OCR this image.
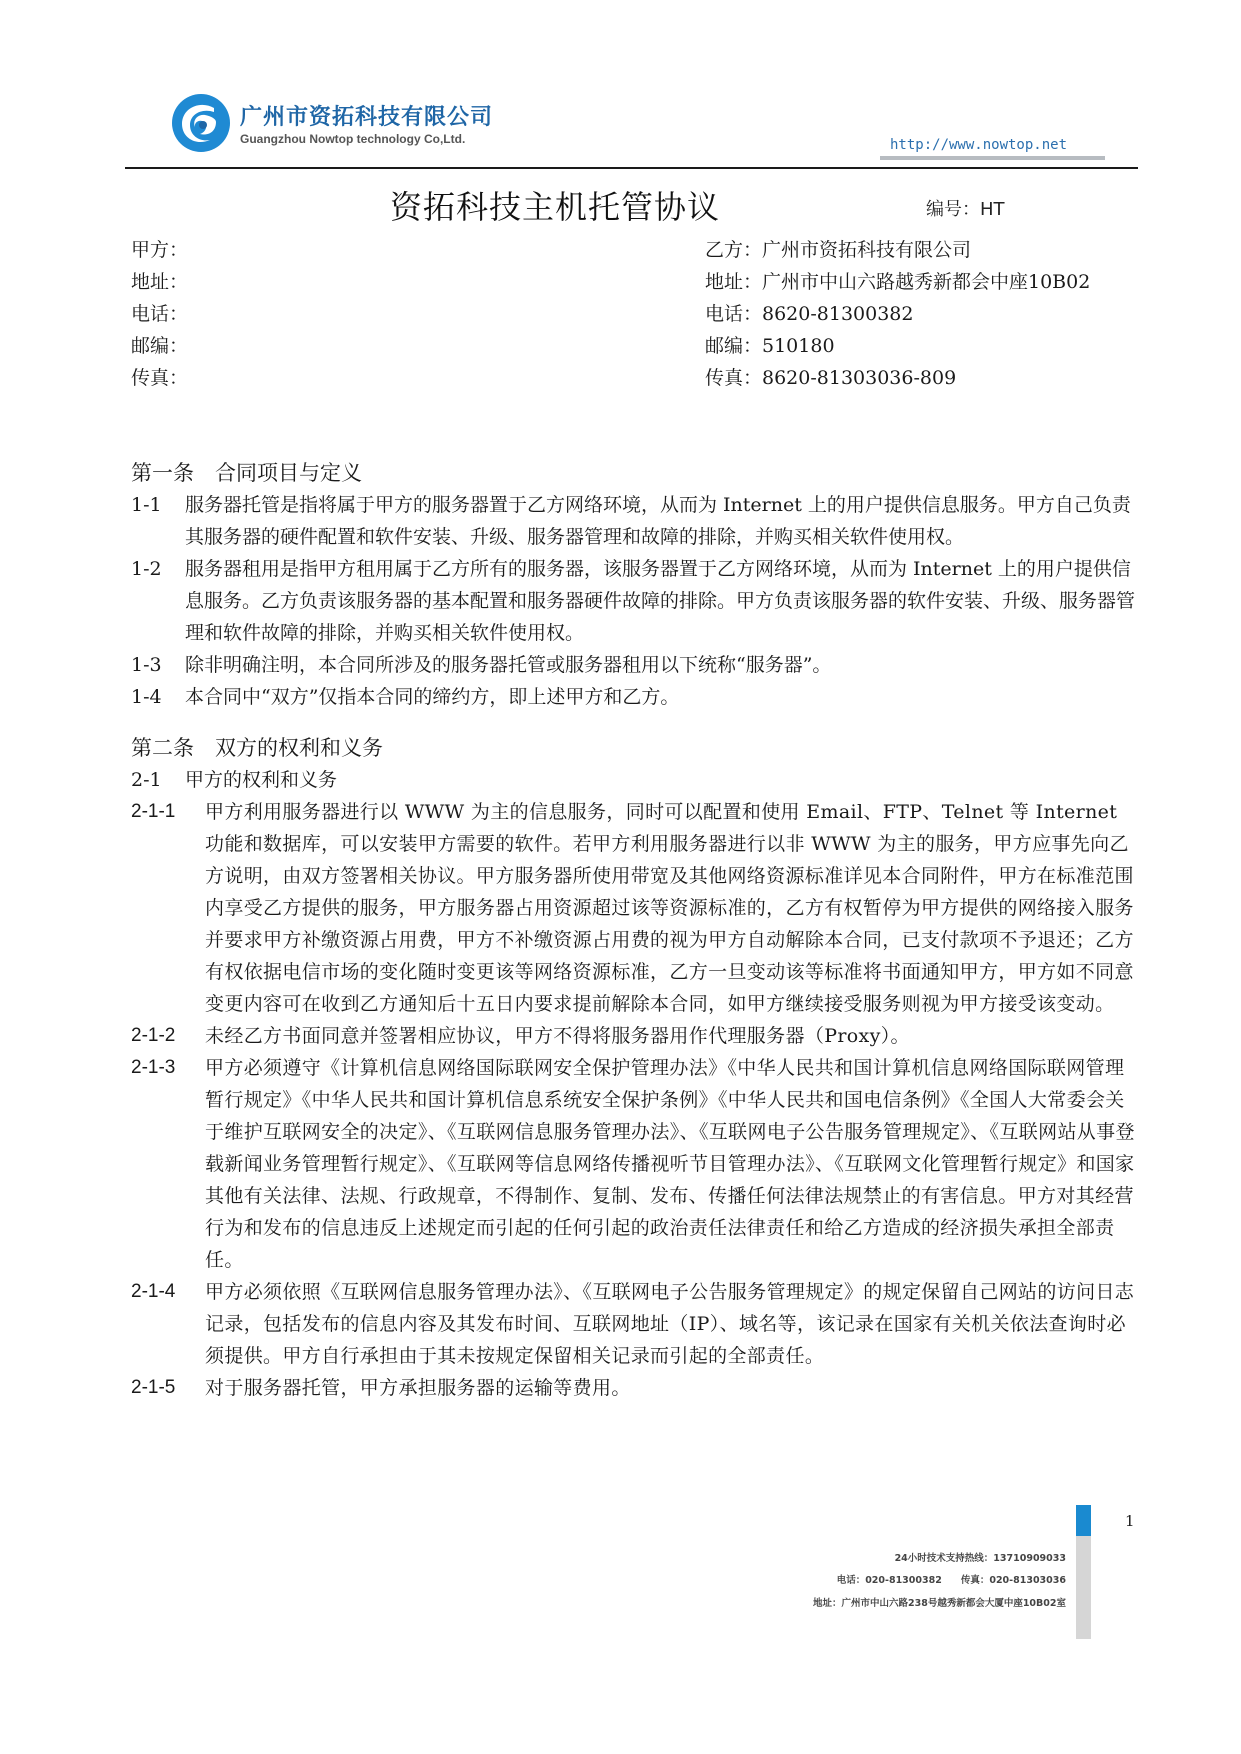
广州市资拓科技有限公司
Guangzhou Nowtop technology Co,Ltd.	http://www.nowtop.net
资拓科技主机托管协议	编号：HT
甲方：
地址：
电话：
邮编：
传真：
乙方：广州市资拓科技有限公司
地址：广州市中山六路越秀新都会中座10B02
电话：8620-81300382
邮编：510180
传真：8620-81303036-809
第一条　合同项目与定义
1-1 服务器托管是指将属于甲方的服务器置于乙方网络环境，从而为 Internet 上的用户提供信息服务。甲方自己负责其服务器的硬件配置和软件安装、升级、服务器管理和故障的排除，并购买相关软件使用权。
1-2 服务器租用是指甲方租用属于乙方所有的服务器，该服务器置于乙方网络环境，从而为 Internet 上的用户提供信息服务。乙方负责该服务器的基本配置和服务器硬件故障的排除。甲方负责该服务器的软件安装、升级、服务器管理和软件故障的排除，并购买相关软件使用权。
1-3 除非明确注明，本合同所涉及的服务器托管或服务器租用以下统称“服务器”。
1-4 本合同中“双方”仅指本合同的缔约方，即上述甲方和乙方。
第二条　双方的权利和义务
2-1 甲方的权利和义务
2-1-1 甲方利用服务器进行以 WWW 为主的信息服务，同时可以配置和使用 Email、FTP、Telnet 等 Internet 功能和数据库，可以安装甲方需要的软件。若甲方利用服务器进行以非 WWW 为主的服务，甲方应事先向乙方说明，由双方签署相关协议。甲方服务器所使用带宽及其他网络资源标准详见本合同附件，甲方在标准范围内享受乙方提供的服务，甲方服务器占用资源超过该等资源标准的，乙方有权暂停为甲方提供的网络接入服务并要求甲方补缴资源占用费，甲方不补缴资源占用费的视为甲方自动解除本合同，已支付款项不予退还；乙方有权依据电信市场的变化随时变更该等网络资源标准，乙方一旦变动该等标准将书面通知甲方，甲方如不同意变更内容可在收到乙方通知后十五日内要求提前解除本合同，如甲方继续接受服务则视为甲方接受该变动。
2-1-2 未经乙方书面同意并签署相应协议，甲方不得将服务器用作代理服务器（Proxy）。
2-1-3 甲方必须遵守《计算机信息网络国际联网安全保护管理办法》《中华人民共和国计算机信息网络国际联网管理暂行规定》《中华人民共和国计算机信息系统安全保护条例》《中华人民共和国电信条例》《全国人大常委会关于维护互联网安全的决定》、《互联网信息服务管理办法》、《互联网电子公告服务管理规定》、《互联网站从事登载新闻业务管理暂行规定》、《互联网等信息网络传播视听节目管理办法》、《互联网文化管理暂行规定》和国家其他有关法律、法规、行政规章，不得制作、复制、发布、传播任何法律法规禁止的有害信息。甲方对其经营行为和发布的信息违反上述规定而引起的任何引起的政治责任法律责任和给乙方造成的经济损失承担全部责任。
2-1-4 甲方必须依照《互联网信息服务管理办法》、《互联网电子公告服务管理规定》的规定保留自己网站的访问日志记录，包括发布的信息内容及其发布时间、互联网地址（IP）、域名等，该记录在国家有关机关依法查询时必须提供。甲方自行承担由于其未按规定保留相关记录而引起的全部责任。
2-1-5 对于服务器托管，甲方承担服务器的运输等费用。
1
24小时技术支持热线：13710909033
电话：020-81300382　　传真：020-81303036
地址：广州市中山六路238号越秀新都会大厦中座10B02室
